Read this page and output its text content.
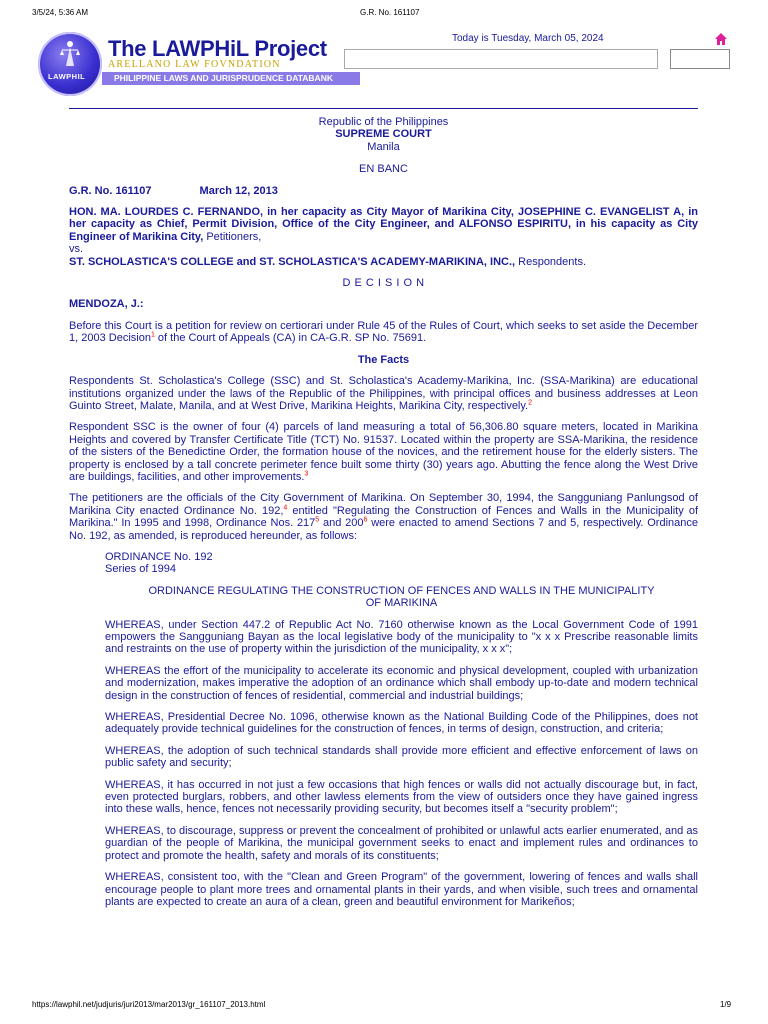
3/5/24, 5:36 AM	G.R. No. 161107
LAWPHIL
The LAWPHiL Project
ARELLANO LAW FOVNDATION
PHILIPPINE LAWS AND JURISPRUDENCE DATABANK
Today is Tuesday, March 05, 2024

Republic of the Philippines

SUPREME COURT

Manila

EN BANC

G.R. No. 161107	March 12, 2013

HON. MA. LOURDES C. FERNANDO, in her capacity as City Mayor of Marikina City, JOSEPHINE C. EVANGELIST A, in her capacity as Chief, Permit Division, Office of the City Engineer, and ALFONSO ESPIRITU, in his capacity as City Engineer of Marikina City, Petitioners,

vs.

ST. SCHOLASTICA'S COLLEGE and ST. SCHOLASTICA'S ACADEMY-MARIKINA, INC., Respondents.

D E C I S I O N

MENDOZA, J.:

Before this Court is a petition for review on certiorari under Rule 45 of the Rules of Court, which seeks to set aside the December 1, 2003 Decision$^1$ of the Court of Appeals (CA) in CA-G.R. SP No. 75691.

The Facts

Respondents St. Scholastica's College (SSC) and St. Scholastica's Academy-Marikina, Inc. (SSA-Marikina) are educational institutions organized under the laws of the Republic of the Philippines, with principal offices and business addresses at Leon Guinto Street, Malate, Manila, and at West Drive, Marikina Heights, Marikina City, respectively.$^2$

Respondent SSC is the owner of four (4) parcels of land measuring a total of 56,306.80 square meters, located in Marikina Heights and covered by Transfer Certificate Title (TCT) No. 91537. Located within the property are SSA-Marikina, the residence of the sisters of the Benedictine Order, the formation house of the novices, and the retirement house for the elderly sisters. The property is enclosed by a tall concrete perimeter fence built some thirty (30) years ago. Abutting the fence along the West Drive are buildings, facilities, and other improvements.$^3$

The petitioners are the officials of the City Government of Marikina. On September 30, 1994, the Sangguniang Panlungsod of Marikina City enacted Ordinance No. 192,$^4$ entitled "Regulating the Construction of Fences and Walls in the Municipality of Marikina." In 1995 and 1998, Ordinance Nos. $217^5$ and $200^6$ were enacted to amend Sections 7 and 5, respectively. Ordinance No. 192, as amended, is reproduced hereunder, as follows:

ORDINANCE No. 192

Series of 1994

ORDINANCE REGULATING THE CONSTRUCTION OF FENCES AND WALLS IN THE MUNICIPALITY OF MARIKINA

WHEREAS, under Section 447.2 of Republic Act No. 7160 otherwise known as the Local Government Code of 1991 empowers the Sangguniang Bayan as the local legislative body of the municipality to "x x x Prescribe reasonable limits and restraints on the use of property within the jurisdiction of the municipality, x x x";

WHEREAS the effort of the municipality to accelerate its economic and physical development, coupled with urbanization and modernization, makes imperative the adoption of an ordinance which shall embody up-to-date and modern technical design in the construction of fences of residential, commercial and industrial buildings;

WHEREAS, Presidential Decree No. 1096, otherwise known as the National Building Code of the Philippines, does not adequately provide technical guidelines for the construction of fences, in terms of design, construction, and criteria;

WHEREAS, the adoption of such technical standards shall provide more efficient and effective enforcement of laws on public safety and security;

WHEREAS, it has occurred in not just a few occasions that high fences or walls did not actually discourage but, in fact, even protected burglars, robbers, and other lawless elements from the view of outsiders once they have gained ingress into these walls, hence, fences not necessarily providing security, but becomes itself a "security problem";

WHEREAS, to discourage, suppress or prevent the concealment of prohibited or unlawful acts earlier enumerated, and as guardian of the people of Marikina, the municipal government seeks to enact and implement rules and ordinances to protect and promote the health, safety and morals of its constituents;

WHEREAS, consistent too, with the "Clean and Green Program" of the government, lowering of fences and walls shall encourage people to plant more trees and ornamental plants in their yards, and when visible, such trees and ornamental plants are expected to create an aura of a clean, green and beautiful environment for Marikeños;

https://lawphil.net/judjuris/juri2013/mar2013/gr_161107_2013.html	1/9
